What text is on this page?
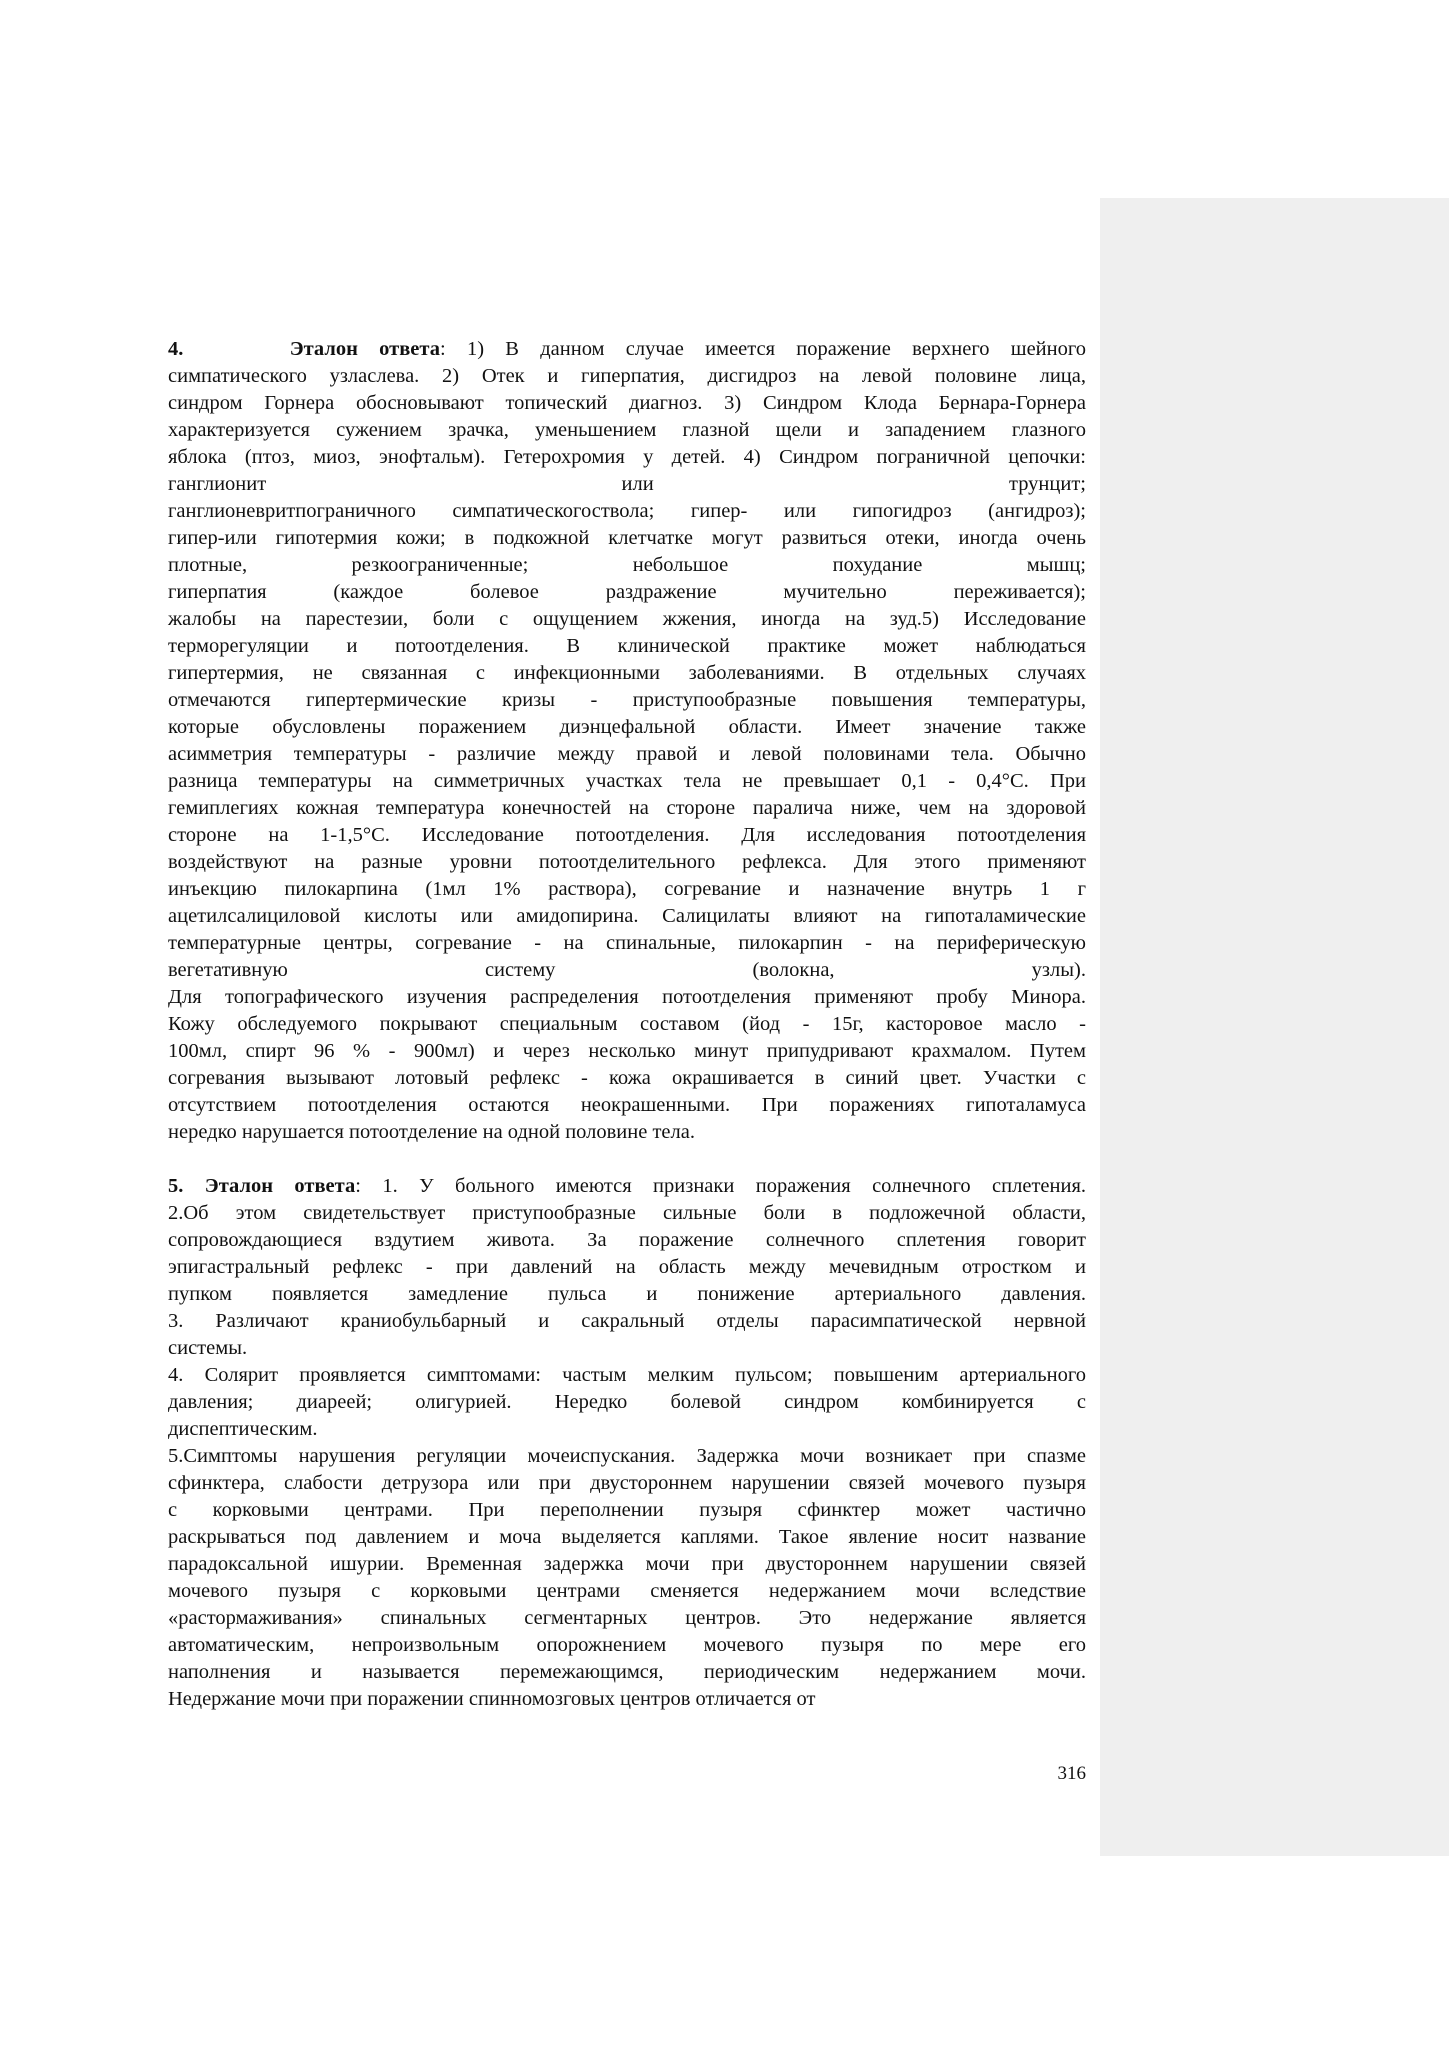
4.	Эталон ответа: 1) В данном случае имеется поражение верхнего шейного
симпатического узласлева. 2) Отек и гиперпатия, дисгидроз на левой половине лица,
синдром Горнера обосновывают топический диагноз. 3) Синдром Клода Бернара-Горнера
характеризуется сужением зрачка, уменьшением глазной щели и западением глазного
яблока (птоз, миоз, энофтальм). Гетерохромия у детей. 4) Синдром пограничной цепочки:
ганглионит или трунцит;
ганглионевритпограничного симпатическогоствола; гипер- или гипогидроз (ангидроз);
гипер-или гипотермия кожи; в подкожной клетчатке могут развиться отеки, иногда очень
плотные, резкоограниченные; небольшое похудание мышц;
гиперпатия (каждое болевое раздражение мучительно переживается);
жалобы на парестезии, боли с ощущением жжения, иногда на зуд.5) Исследование
терморегуляции и потоотделения. В клинической практике может наблюдаться
гипертермия, не связанная с инфекционными заболеваниями. В отдельных случаях
отмечаются гипертермические кризы - приступообразные повышения температуры,
которые обусловлены поражением диэнцефальной области. Имеет значение также
асимметрия температуры - различие между правой и левой половинами тела. Обычно
разница температуры на симметричных участках тела не превышает 0,1 - 0,4°С. При
гемиплегиях кожная температура конечностей на стороне паралича ниже, чем на здоровой
стороне на 1-1,5°С. Исследование потоотделения. Для исследования потоотделения
воздействуют на разные уровни потоотделительного рефлекса. Для этого применяют
инъекцию пилокарпина (1мл 1% раствора), согревание и назначение внутрь 1 г
ацетилсалициловой кислоты или амидопирина. Салицилаты влияют на гипоталамические
температурные центры, согревание - на спинальные, пилокарпин - на периферическую
вегетативную систему (волокна, узлы).
Для топографического изучения распределения потоотделения применяют пробу Минора.
Кожу обследуемого покрывают специальным составом (йод - 15г, касторовое масло -
100мл, спирт 96 % - 900мл) и через несколько минут припудривают крахмалом. Путем
согревания вызывают лотовый рефлекс - кожа окрашивается в синий цвет. Участки с
отсутствием потоотделения остаются неокрашенными. При поражениях гипоталамуса
нередко нарушается потоотделение на одной половине тела.
5. Эталон ответа: 1. У больного имеются признаки поражения солнечного сплетения.
2.Об этом свидетельствует приступообразные сильные боли в подложечной области,
сопровождающиеся вздутием живота. За поражение солнечного сплетения говорит
эпигастральный рефлекс - при давлений на область между мечевидным отростком и
пупком появляется замедление пульса и понижение артериального давления.
3. Различают краниобульбарный и сакральный отделы парасимпатической нервной
системы.
4. Солярит проявляется симптомами: частым мелким пульсом; повышеним артериального
давления; диареей; олигурией. Нередко болевой синдром комбинируется с
диспептическим.
5.Симптомы нарушения регуляции мочеиспускания. Задержка мочи возникает при спазме
сфинктера, слабости детрузора или при двустороннем нарушении связей мочевого пузыря
с корковыми центрами. При переполнении пузыря сфинктер может частично
раскрываться под давлением и моча выделяется каплями. Такое явление носит название
парадоксальной ишурии. Временная задержка мочи при двустороннем нарушении связей
мочевого пузыря с корковыми центрами сменяется недержанием мочи вследствие
«растормаживания» спинальных сегментарных центров. Это недержание является
автоматическим, непроизвольным опорожнением мочевого пузыря по мере его
наполнения и называется перемежающимся, периодическим недержанием мочи.
Недержание мочи при поражении спинномозговых центров отличается от
316
